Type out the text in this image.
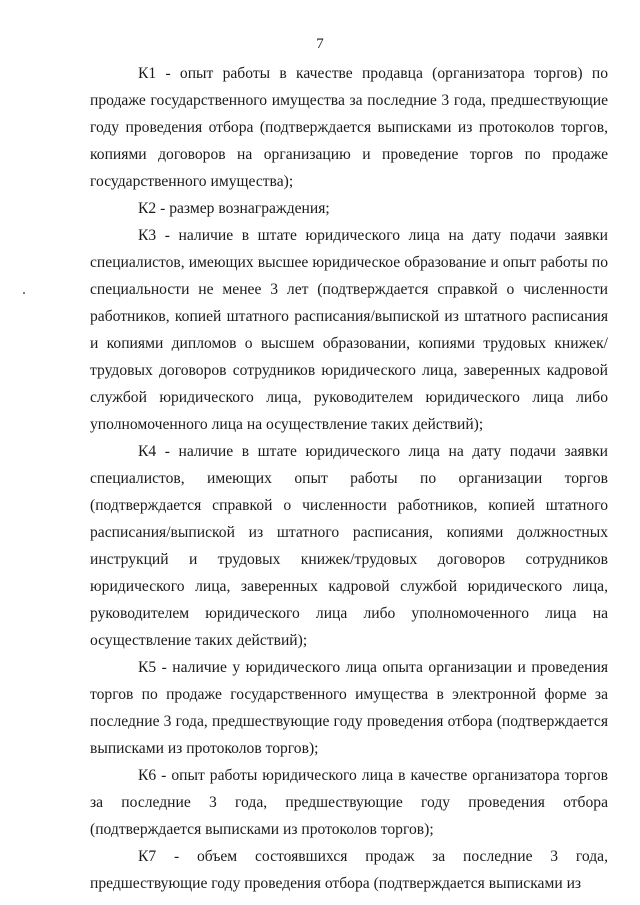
7

К1 - опыт работы в качестве продавца (организатора торгов) по продаже государственного имущества за последние 3 года, предшествующие году проведения отбора (подтверждается выписками из протоколов торгов, копиями договоров на организацию и проведение торгов по продаже государственного имущества);

К2 - размер вознаграждения;

К3 - наличие в штате юридического лица на дату подачи заявки специалистов, имеющих высшее юридическое образование и опыт работы по специальности не менее 3 лет (подтверждается справкой о численности работников, копией штатного расписания/выпиской из штатного расписания и копиями дипломов о высшем образовании, копиями трудовых книжек/трудовых договоров сотрудников юридического лица, заверенных кадровой службой юридического лица, руководителем юридического лица либо уполномоченного лица на осуществление таких действий);

К4 - наличие в штате юридического лица на дату подачи заявки специалистов, имеющих опыт работы по организации торгов (подтверждается справкой о численности работников, копией штатного расписания/выпиской из штатного расписания, копиями должностных инструкций и трудовых книжек/трудовых договоров сотрудников юридического лица, заверенных кадровой службой юридического лица, руководителем юридического лица либо уполномоченного лица на осуществление таких действий);

К5 - наличие у юридического лица опыта организации и проведения торгов по продаже государственного имущества в электронной форме за последние 3 года, предшествующие году проведения отбора (подтверждается выписками из протоколов торгов);

К6 - опыт работы юридического лица в качестве организатора торгов за последние 3 года, предшествующие году проведения отбора (подтверждается выписками из протоколов торгов);

К7 - объем состоявшихся продаж за последние 3 года, предшествующие году проведения отбора (подтверждается выписками из
